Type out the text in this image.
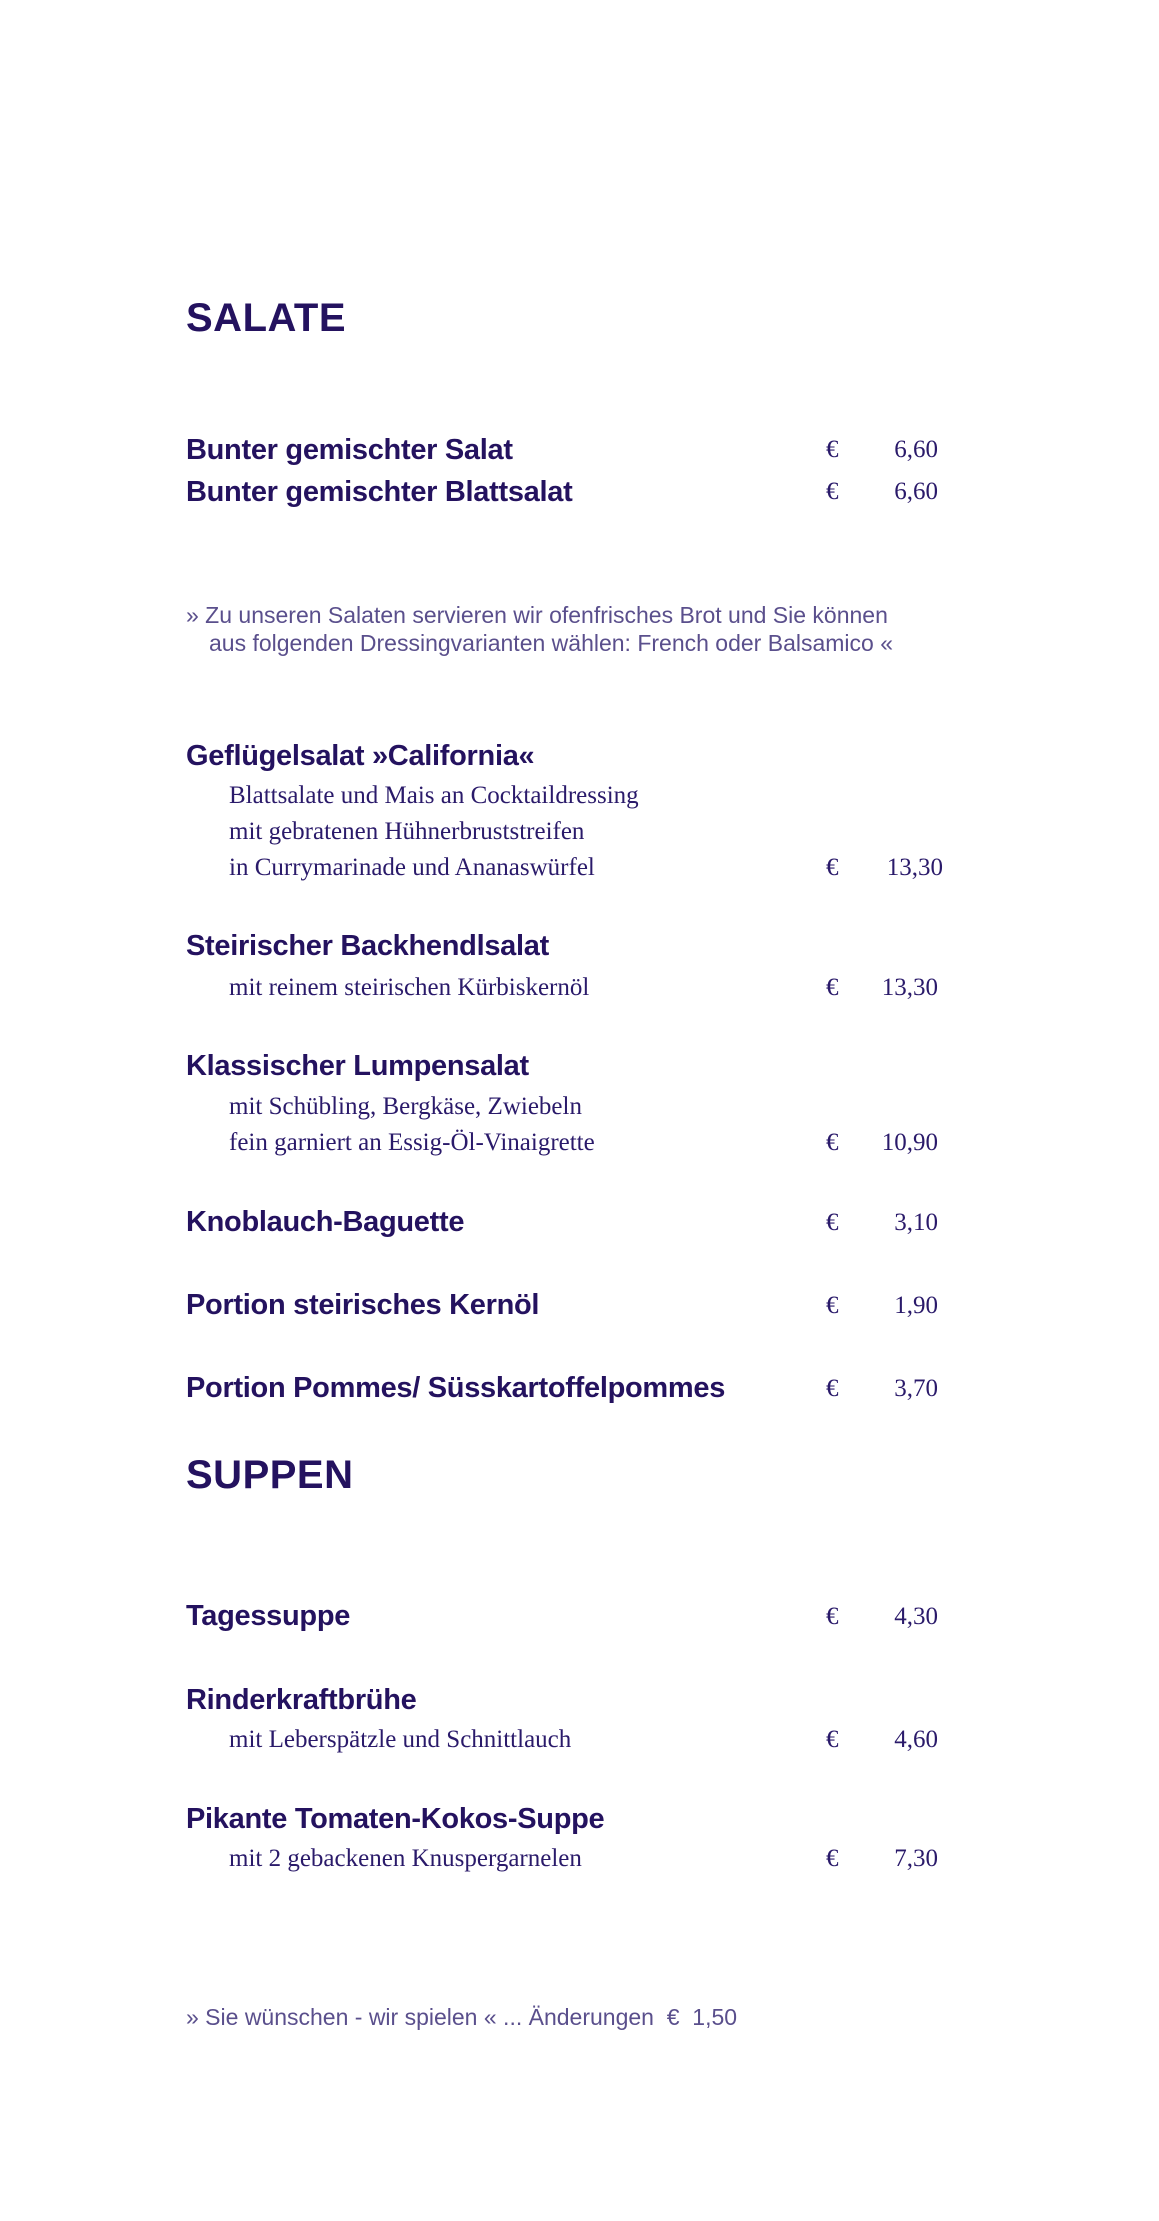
SALATE
Bunter gemischter Salat	€	6,60
Bunter gemischter Blattsalat	€	6,60
» Zu unseren Salaten servieren wir ofenfrisches Brot und Sie können
aus folgenden Dressingvarianten wählen: French oder Balsamico «
Geflügelsalat »California«
Blattsalate und Mais an Cocktaildressing
mit gebratenen Hühnerbruststreifen
in Currymarinade und Ananaswürfel	€	13,30
Steirischer Backhendlsalat
mit reinem steirischen Kürbiskernöl	€	13,30
Klassischer Lumpensalat
mit Schübling, Bergkäse, Zwiebeln
fein garniert an Essig-Öl-Vinaigrette	€	10,90
Knoblauch-Baguette	€	3,10
Portion steirisches Kernöl	€	1,90
Portion Pommes/ Süsskartoffelpommes	€	3,70
SUPPEN
Tagessuppe	€	4,30
Rinderkraftbrühe
mit Leberspätzle und Schnittlauch	€	4,60
Pikante Tomaten-Kokos-Suppe
mit 2 gebackenen Knuspergarnelen	€	7,30
» Sie wünschen - wir spielen « ... Änderungen  €  1,50
